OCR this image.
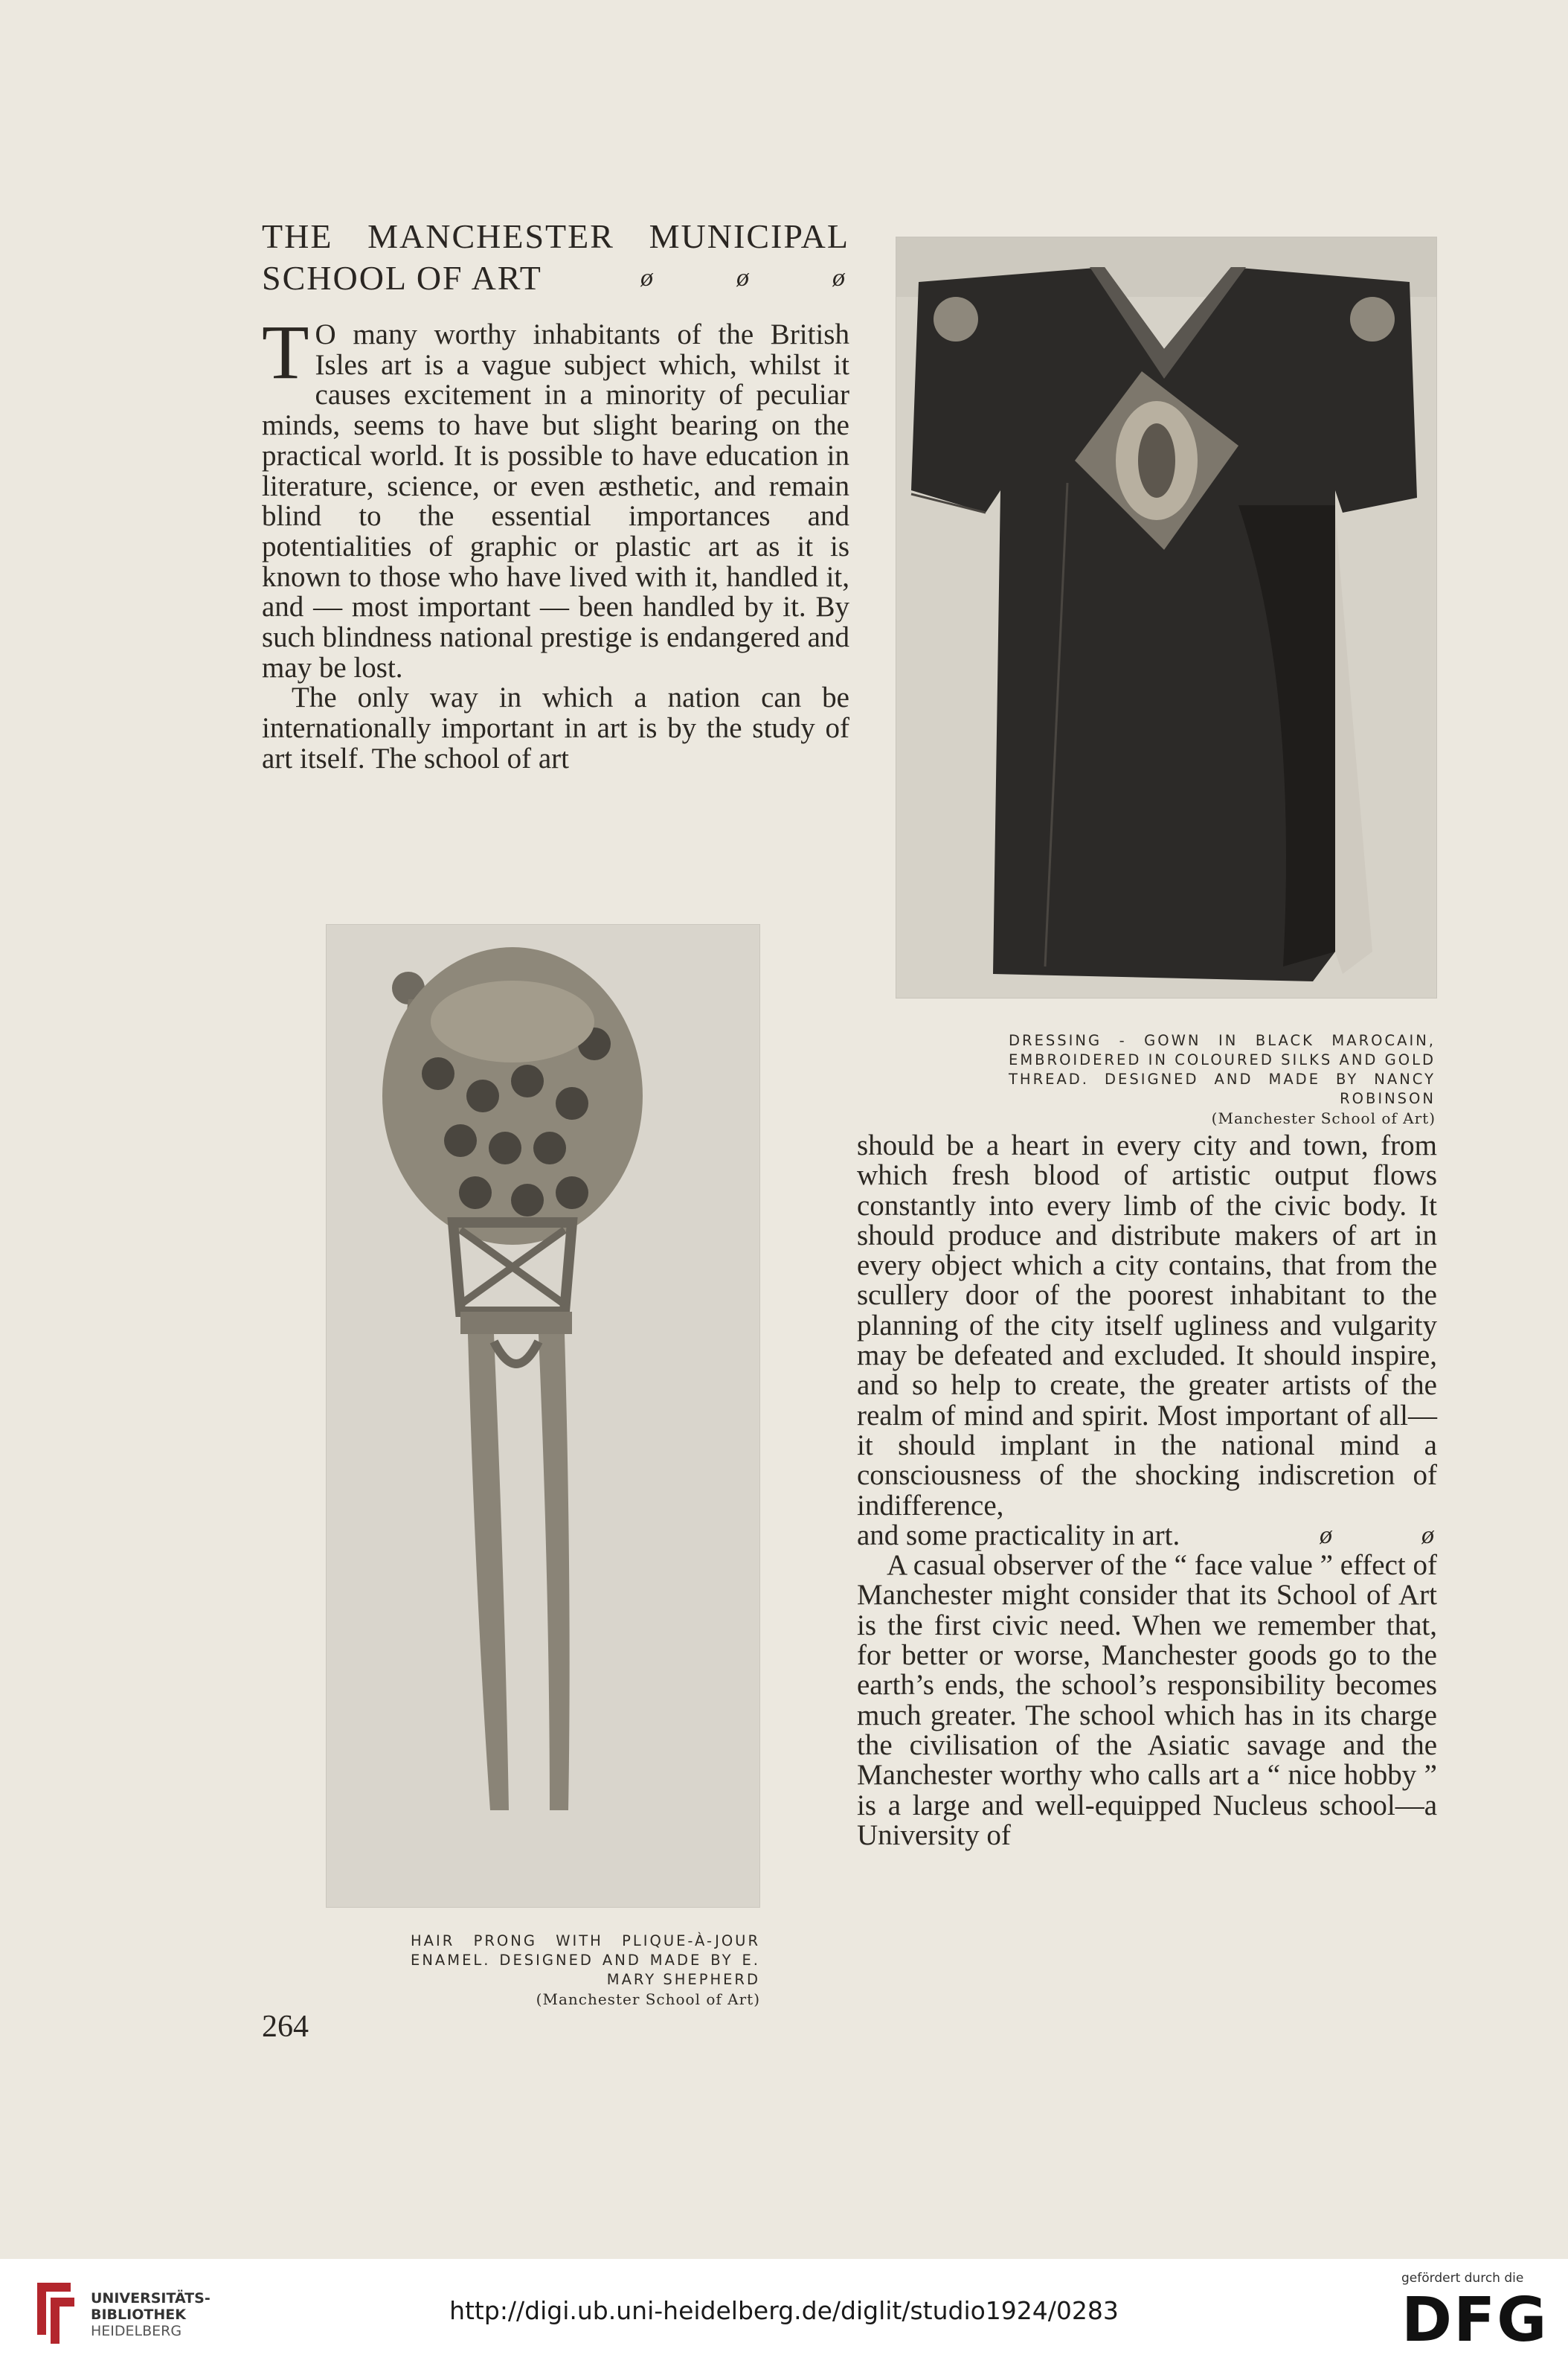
THE MANCHESTER MUNICIPAL
SCHOOL OF ART	ø	ø	ø

T O many worthy inhabitants of the British Isles art is a vague subject which, whilst it causes excitement in a minority of peculiar minds, seems to have but slight bearing on the practical world. It is possible to have education in literature, science, or even æsthetic, and remain blind to the essential importances and potentialities of graphic or plastic art as it is known to those who have lived with it, handled it, and — most important — been handled by it. By such blindness national prestige is endangered and may be lost.

The only way in which a nation can be internationally important in art is by the study of art itself. The school of art

DRESSING - GOWN IN BLACK MAROCAIN, EMBROIDERED IN COLOURED SILKS AND GOLD THREAD. DESIGNED AND MADE BY NANCY ROBINSON
(Manchester School of Art)
HAIR PRONG WITH PLIQUE-À-JOUR ENAMEL. DESIGNED AND MADE BY E. MARY SHEPHERD
(Manchester School of Art)

should be a heart in every city and town, from which fresh blood of artistic output flows constantly into every limb of the civic body. It should produce and distribute makers of art in every object which a city contains, that from the scullery door of the poorest inhabitant to the planning of the city itself ugliness and vulgarity may be defeated and excluded. It should inspire, and so help to create, the greater artists of the realm of mind and spirit. Most important of all—it should implant in the national mind a consciousness of the shocking indiscretion of indifference,

and some practicality in art.	ø	ø

A casual observer of the “ face value ” effect of Manchester might consider that its School of Art is the first civic need. When we remember that, for better or worse, Manchester goods go to the earth’s ends, the school’s responsibility becomes much greater. The school which has in its charge the civilisation of the Asiatic savage and the Manchester worthy who calls art a “ nice hobby ” is a large and well-equipped Nucleus school—a University of

264
UNIVERSITÄTS-
BIBLIOTHEK
HEIDELBERG
http://digi.ub.uni-heidelberg.de/diglit/studio1924/0283
gefördert durch die
DFG
